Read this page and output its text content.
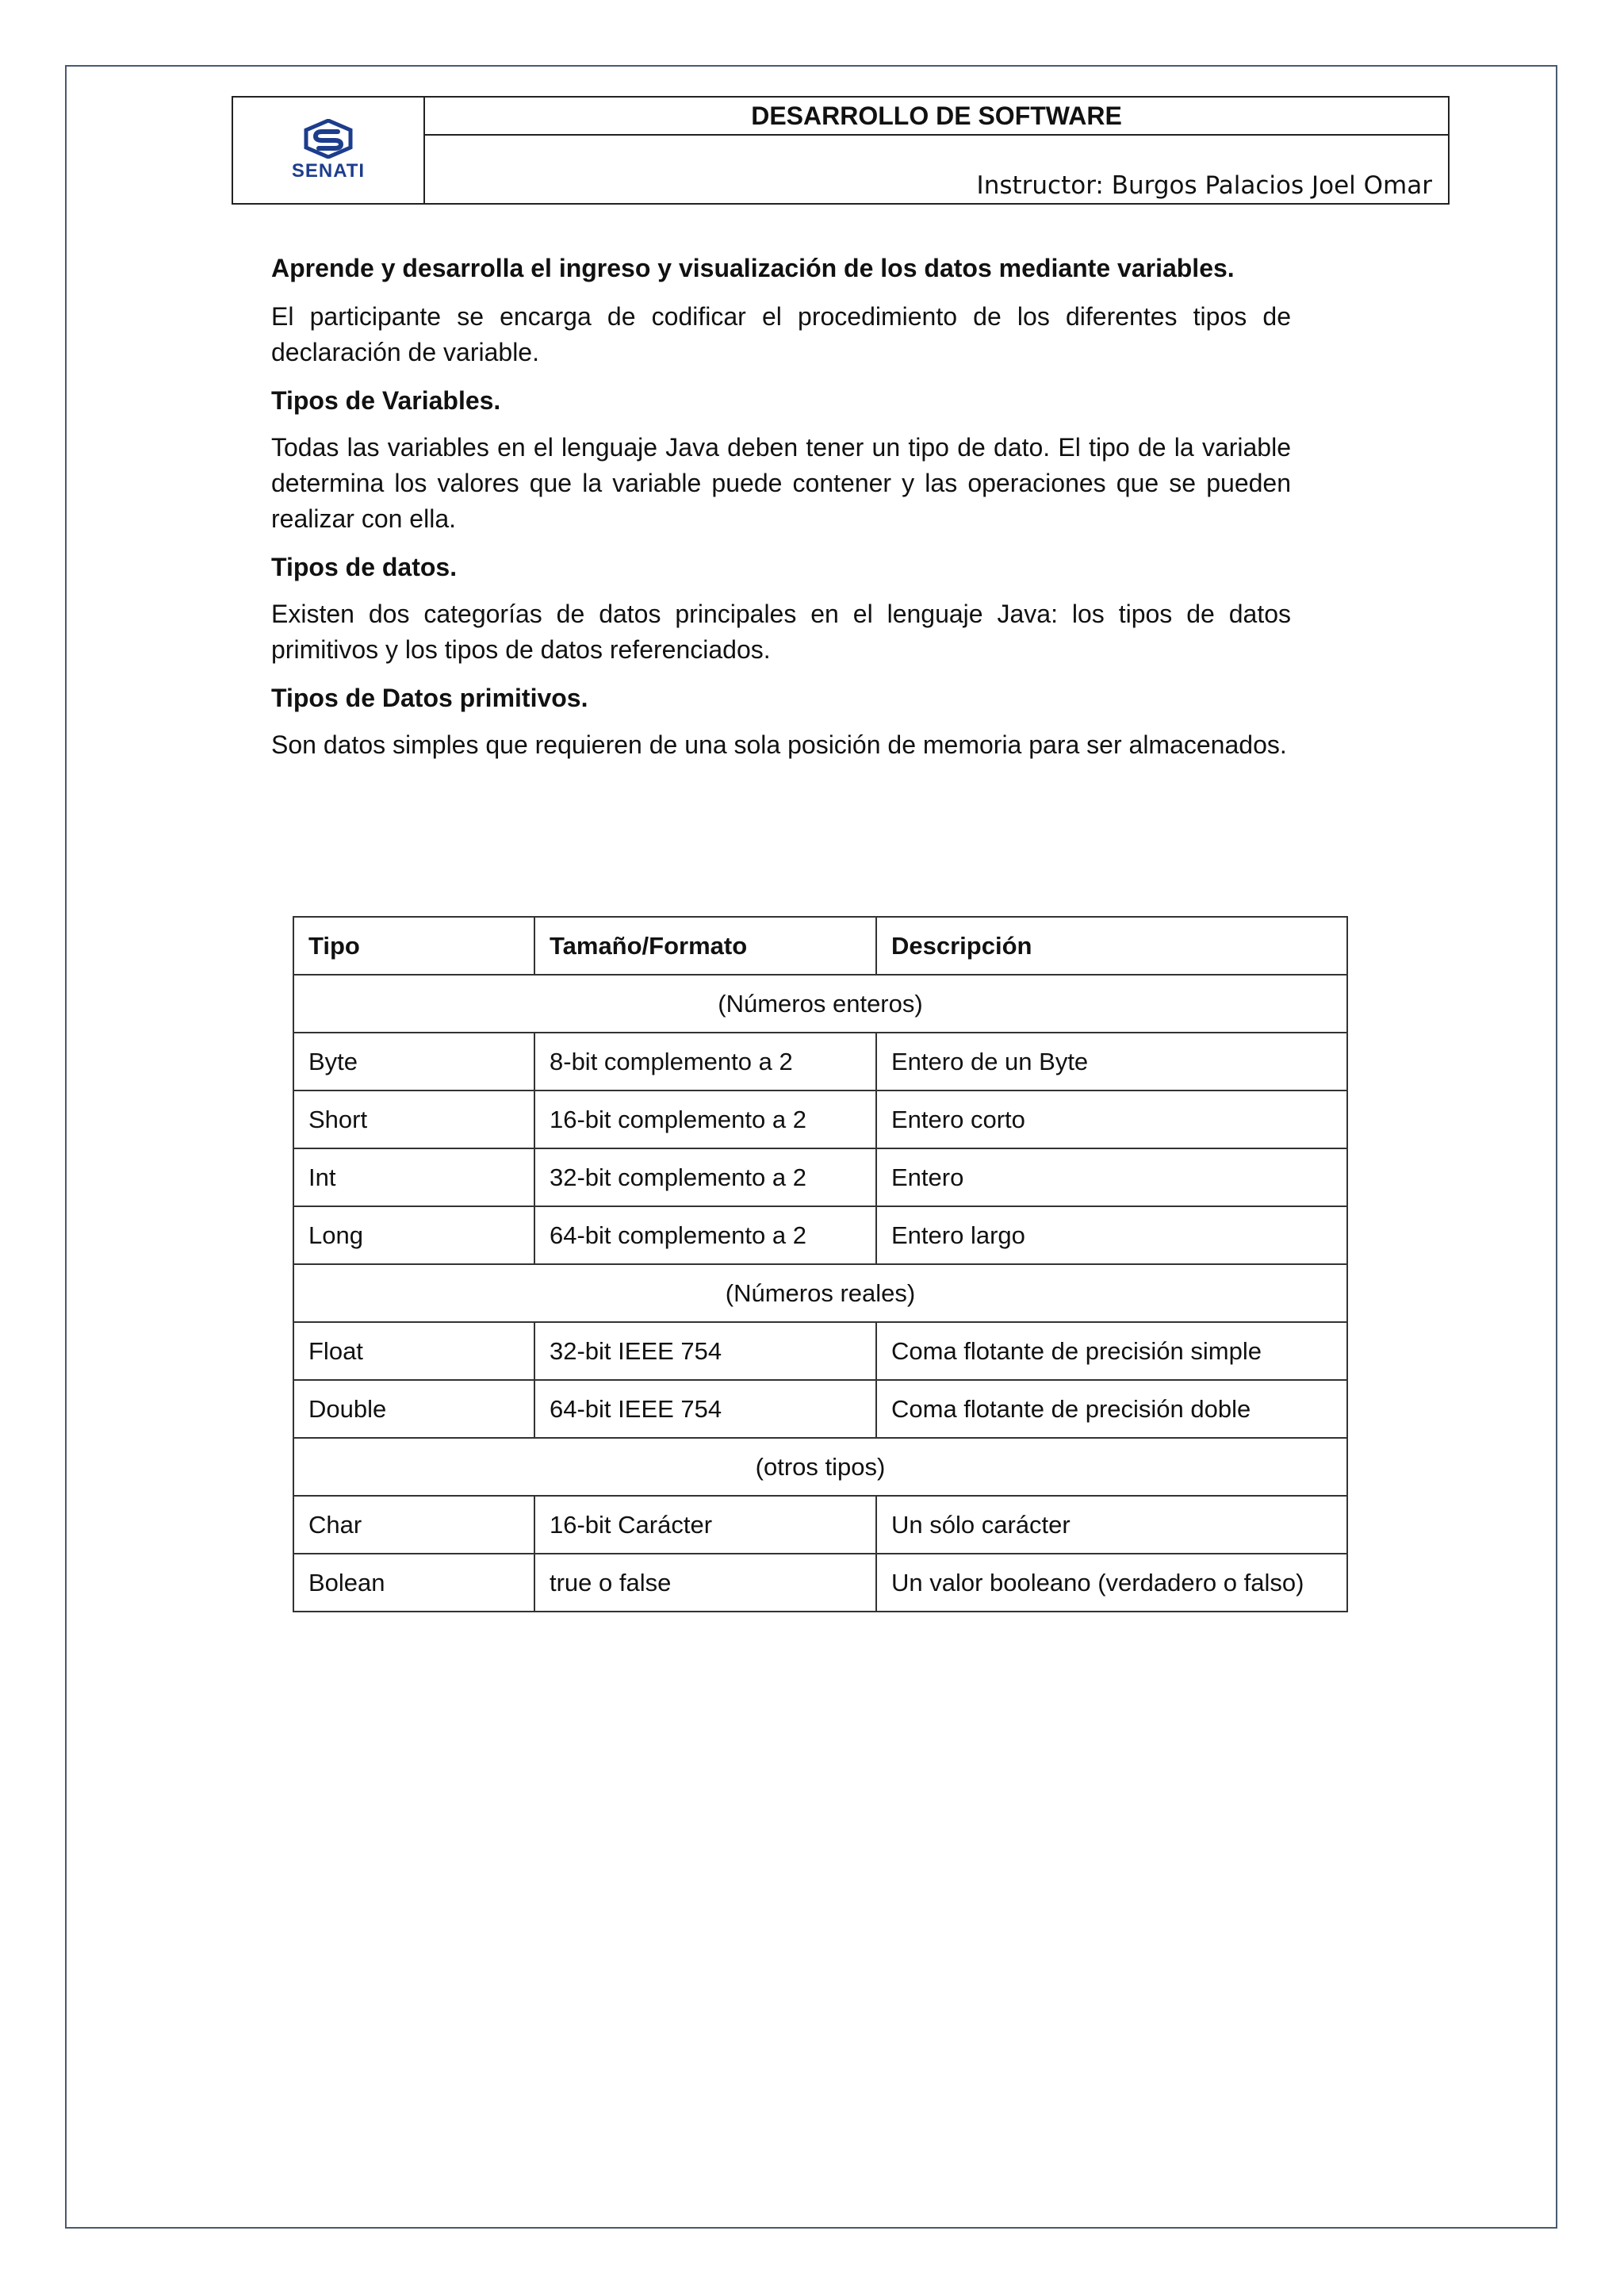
SENATI
	DESARROLLO DE SOFTWARE
Instructor: Burgos Palacios Joel Omar
Aprende y desarrolla el ingreso y visualización de los datos mediante variables.

El participante se encarga de codificar el procedimiento de los diferentes tipos de declaración de variable.

Tipos de Variables.

Todas las variables en el lenguaje Java deben tener un tipo de dato. El tipo de la variable determina los valores que la variable puede contener y las operaciones que se pueden realizar con ella.

Tipos de datos.

Existen dos categorías de datos principales en el lenguaje Java: los tipos de datos primitivos y los tipos de datos referenciados.

Tipos de Datos primitivos.

Son datos simples que requieren de una sola posición de memoria para ser almacenados.

Tipo	Tamaño/Formato	Descripción
(Números enteros)		
Byte	8-bit complemento a 2	Entero de un Byte
Short	16-bit complemento a 2	Entero corto
Int	32-bit complemento a 2	Entero
Long	64-bit complemento a 2	Entero largo
(Números reales)		
Float	32-bit IEEE 754	Coma flotante de precisión simple
Double	64-bit IEEE 754	Coma flotante de precisión doble
(otros tipos)		
Char	16-bit Carácter	Un sólo carácter
Bolean	true o false	Un valor booleano (verdadero o falso)
